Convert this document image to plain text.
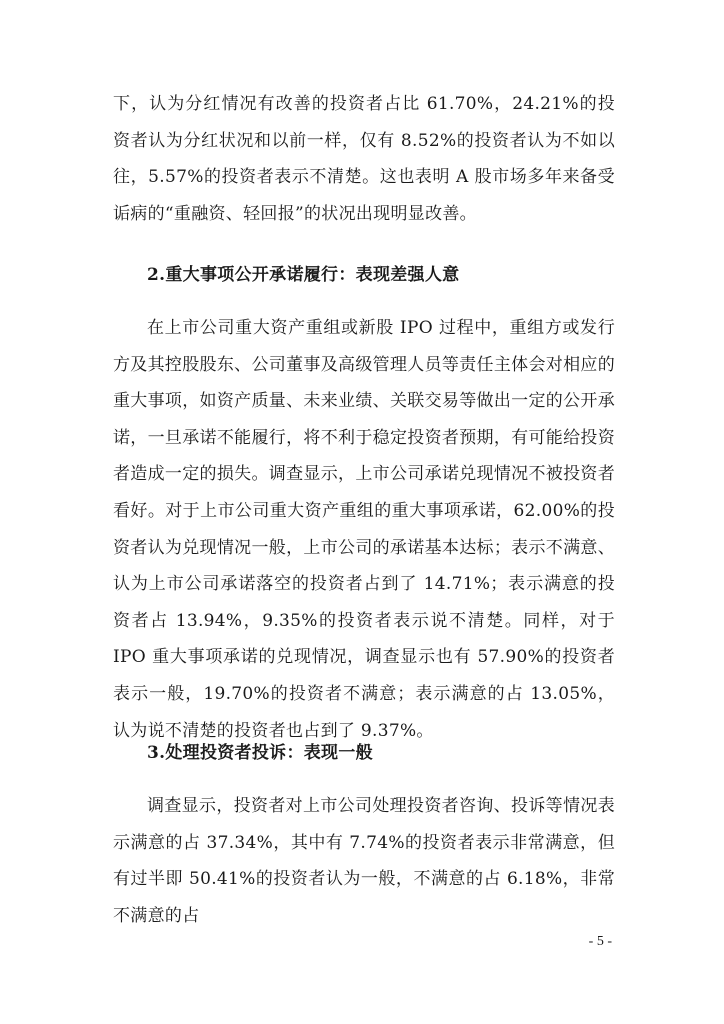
下，认为分红情况有改善的投资者占比 61.70%，24.21%的投资者认为分红状况和以前一样，仅有 8.52%的投资者认为不如以往，5.57%的投资者表示不清楚。这也表明 A 股市场多年来备受诟病的“重融资、轻回报”的状况出现明显改善。

2.重大事项公开承诺履行：表现差强人意

在上市公司重大资产重组或新股 IPO 过程中，重组方或发行方及其控股股东、公司董事及高级管理人员等责任主体会对相应的重大事项，如资产质量、未来业绩、关联交易等做出一定的公开承诺，一旦承诺不能履行，将不利于稳定投资者预期，有可能给投资者造成一定的损失。调查显示，上市公司承诺兑现情况不被投资者看好。对于上市公司重大资产重组的重大事项承诺，62.00%的投资者认为兑现情况一般，上市公司的承诺基本达标；表示不满意、认为上市公司承诺落空的投资者占到了 14.71%；表示满意的投资者占 13.94%，9.35%的投资者表示说不清楚。同样，对于 IPO 重大事项承诺的兑现情况，调查显示也有 57.90%的投资者表示一般，19.70%的投资者不满意；表示满意的占 13.05%，认为说不清楚的投资者也占到了 9.37%。

3.处理投资者投诉：表现一般

调查显示，投资者对上市公司处理投资者咨询、投诉等情况表示满意的占 37.34%，其中有 7.74%的投资者表示非常满意，但有过半即 50.41%的投资者认为一般，不满意的占 6.18%，非常不满意的占

- 5 -
